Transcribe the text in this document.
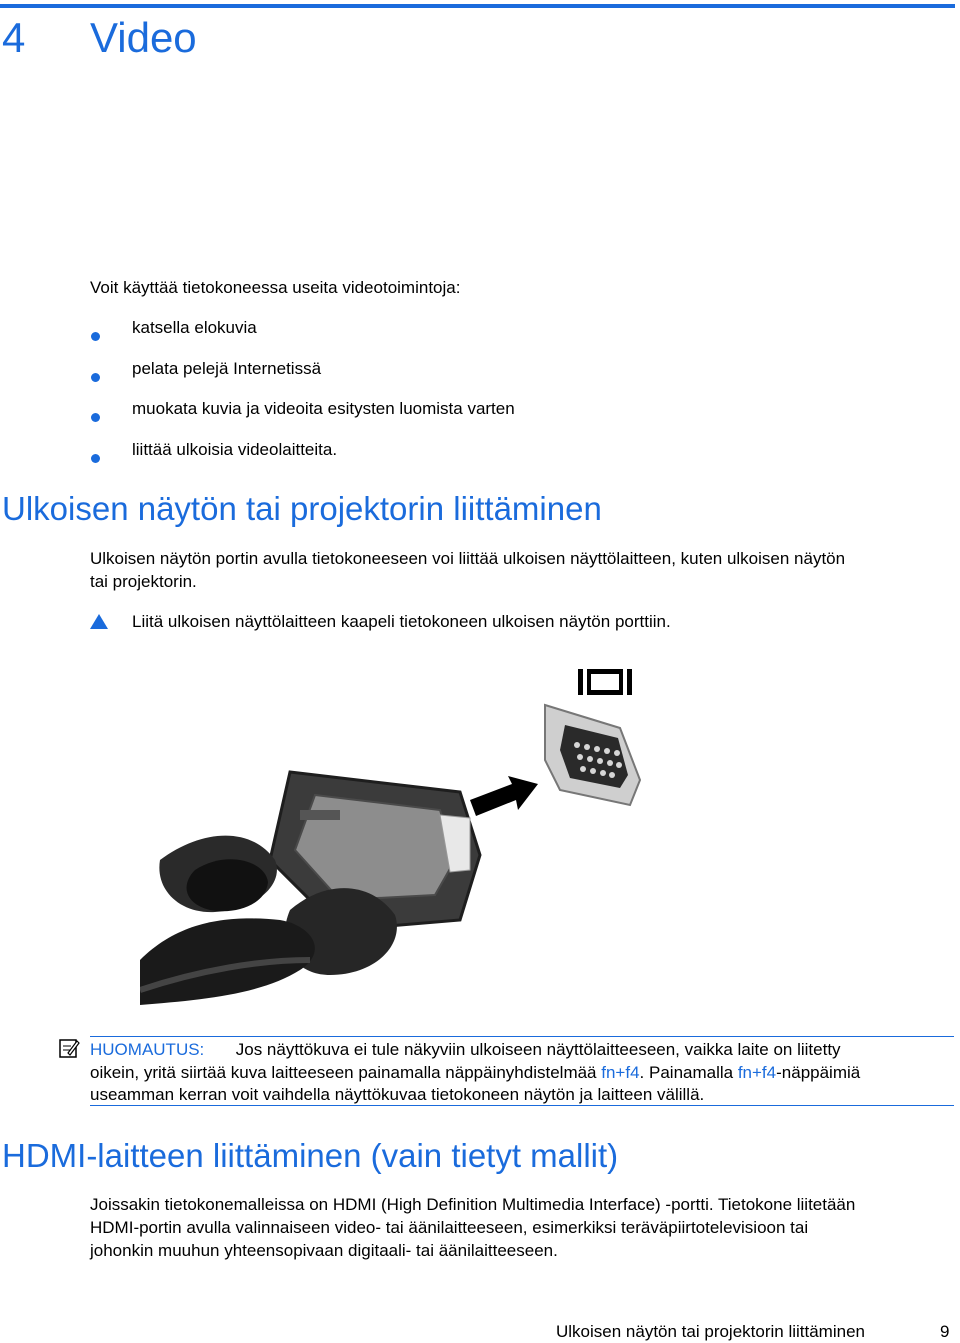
4 Video
Voit käyttää tietokoneessa useita videotoimintoja:
katsella elokuvia
pelata pelejä Internetissä
muokata kuvia ja videoita esitysten luomista varten
liittää ulkoisia videolaitteita.
Ulkoisen näytön tai projektorin liittäminen
Ulkoisen näytön portin avulla tietokoneeseen voi liittää ulkoisen näyttölaitteen, kuten ulkoisen näytön
tai projektorin.
Liitä ulkoisen näyttölaitteen kaapeli tietokoneen ulkoisen näytön porttiin.
HUOMAUTUS: Jos näyttökuva ei tule näkyviin ulkoiseen näyttölaitteeseen, vaikka laite on liitetty
oikein, yritä siirtää kuva laitteeseen painamalla näppäinyhdistelmää fn+f4. Painamalla fn+f4-näppäimiä
useamman kerran voit vaihdella näyttökuvaa tietokoneen näytön ja laitteen välillä.
HDMI-laitteen liittäminen (vain tietyt mallit)
Joissakin tietokonemalleissa on HDMI (High Definition Multimedia Interface) -portti. Tietokone liitetään
HDMI-portin avulla valinnaiseen video- tai äänilaitteeseen, esimerkiksi teräväpiirtotelevisioon tai
johonkin muuhun yhteensopivaan digitaali- tai äänilaitteeseen.
Ulkoisen näytön tai projektorin liittäminen	9
